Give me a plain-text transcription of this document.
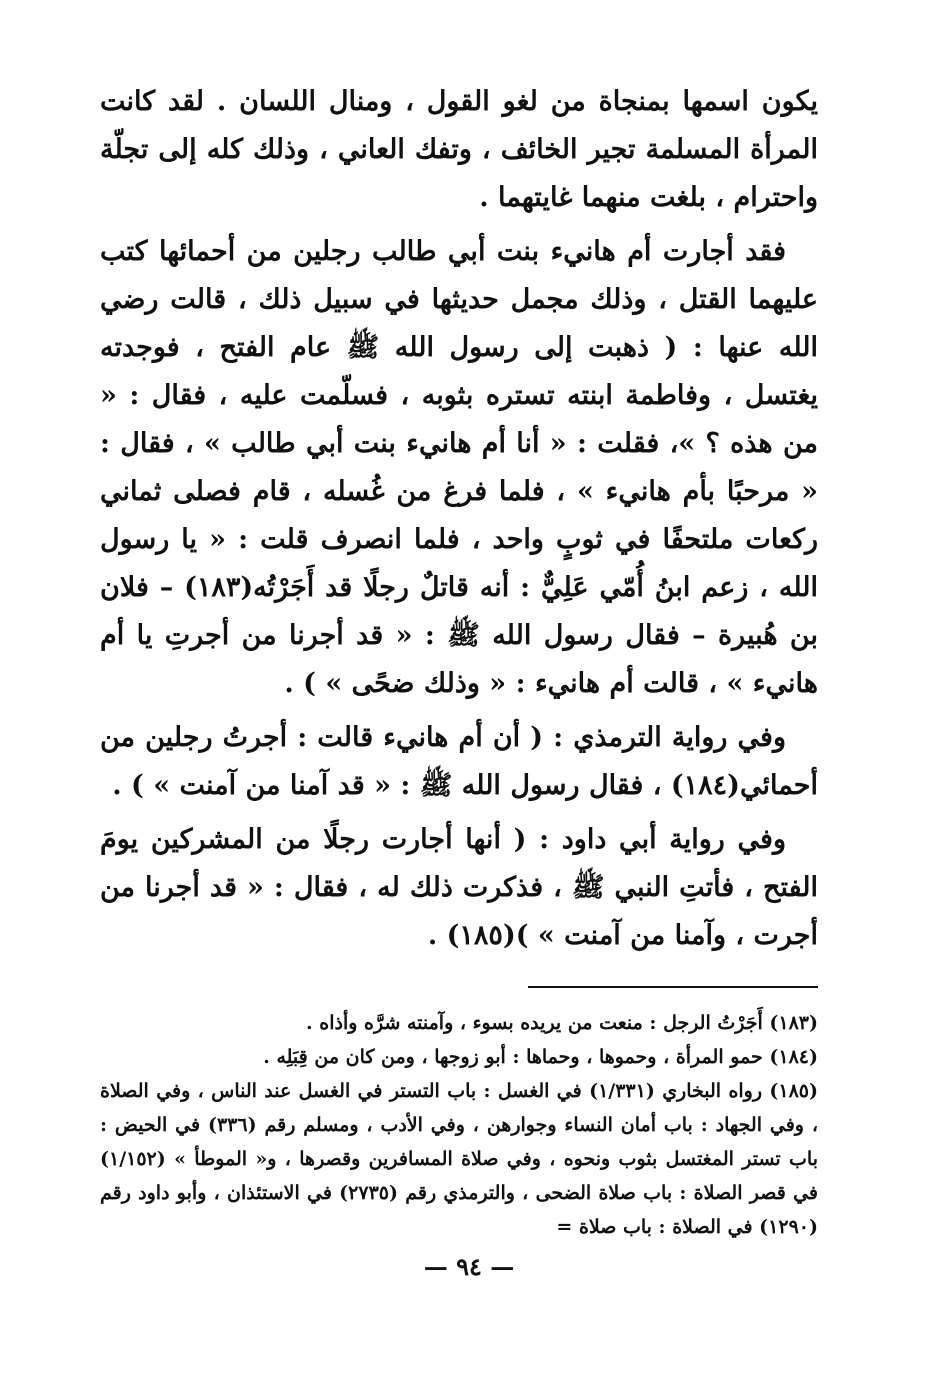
يكون اسمها بمنجاة من لغو القول ، ومنال اللسان . لقد كانت المرأة المسلمة تجير الخائف ، وتفك العاني ، وذلك كله إلى تجلّة واحترام ، بلغت منهما غايتهما .

فقد أجارت أم هانيء بنت أبي طالب رجلين من أحمائها كتب عليهما القتل ، وذلك مجمل حديثها في سبيل ذلك ، قالت رضي الله عنها : ( ذهبت إلى رسول الله ﷺ عام الفتح ، فوجدته يغتسل ، وفاطمة ابنته تستره بثوبه ، فسلّمت عليه ، فقال : « من هذه ؟ »، فقلت : « أنا أم هانيء بنت أبي طالب » ، فقال : « مرحبًا بأم هانيء » ، فلما فرغ من غُسله ، قام فصلى ثماني ركعات ملتحفًا في ثوبٍ واحد ، فلما انصرف قلت : « يا رسول الله ، زعم ابنُ أُمّي عَلِيٌّ : أنه قاتلٌ رجلًا قد أَجَرْتُه(١٨٣) – فلان بن هُبيرة – فقال رسول الله ﷺ : « قد أجرنا من أجرتِ يا أم هانيء » ، قالت أم هانيء : « وذلك ضحًى » ) .

وفي رواية الترمذي : ( أن أم هانيء قالت : أجرتُ رجلين من أحمائي(١٨٤) ، فقال رسول الله ﷺ : « قد آمنا من آمنت » ) .

وفي رواية أبي داود : ( أنها أجارت رجلًا من المشركين يومَ الفتح ، فأتتِ النبي ﷺ ، فذكرت ذلك له ، فقال : « قد أجرنا من أجرت ، وآمنا من آمنت » )(١٨٥) .

(١٨٣) أَجَرْتُ الرجل : منعت من يريده بسوء ، وآمنته شرَّه وأذاه .

(١٨٤) حمو المرأة ، وحموها ، وحماها : أبو زوجها ، ومن كان من قِبَلِه .

(١٨٥) رواه البخاري (١/٣٣١) في الغسل : باب التستر في الغسل عند الناس ، وفي الصلاة ، وفي الجهاد : باب أمان النساء وجوارهن ، وفي الأدب ، ومسلم رقم (٣٣٦) في الحيض : باب تستر المغتسل بثوب ونحوه ، وفي صلاة المسافرين وقصرها ، و« الموطأ » (١/١٥٢) في قصر الصلاة : باب صلاة الضحى ، والترمذي رقم (٢٧٣٥) في الاستئذان ، وأبو داود رقم (١٢٩٠) في الصلاة : باب صلاة =

— ٩٤ —
